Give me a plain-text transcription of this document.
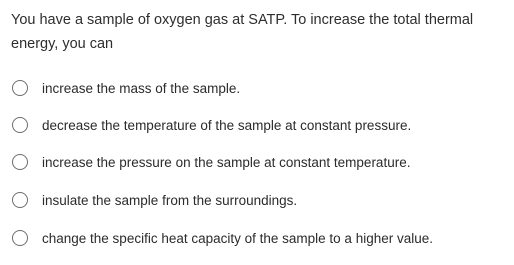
You have a sample of oxygen gas at SATP. To increase the total thermal energy, you can
increase the mass of the sample.
decrease the temperature of the sample at constant pressure.
increase the pressure on the sample at constant temperature.
insulate the sample from the surroundings.
change the specific heat capacity of the sample to a higher value.
